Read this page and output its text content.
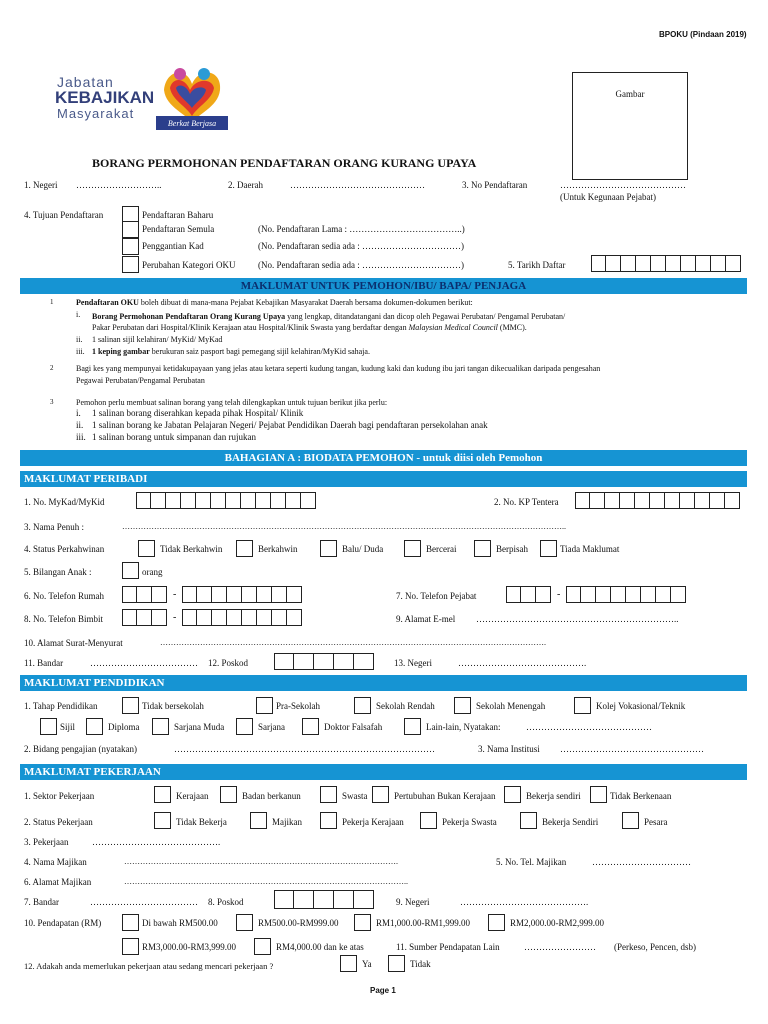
BPOKU (Pindaan 2019)
Jabatan
KEBAJIKAN
Masyarakat
Berkat Berjasa
Gambar
BORANG PERMOHONAN PENDAFTARAN ORANG KURANG UPAYA
1. Negeri ………………………..	2. Daerah	………………………………………	3. No Pendaftaran	……………………………………
(Untuk Kegunaan Pejabat)
4. Tujuan Pendaftaran	Pendaftaran Baharu
Pendaftaran Semula	(No. Pendaftaran Lama : ………………………………..)
Penggantian Kad	(No. Pendaftaran sedia ada : ……………………………)
Perubahan Kategori OKU	(No. Pendaftaran sedia ada : ……………………………)	5. Tarikh Daftar
MAKLUMAT UNTUK PEMOHON/IBU/ BAPA/ PENJAGA
1	Pendaftaran OKU boleh dibuat di mana-mana Pejabat Kebajikan Masyarakat Daerah bersama dokumen-dokumen berikut:
i. Borang Permohonan Pendaftaran Orang Kurang Upaya yang lengkap, ditandatangani dan dicop oleh Pegawai Perubatan/ Pengamal Perubatan/
Pakar Perubatan dari Hospital/Klinik Kerajaan atau Hospital/Klinik Swasta yang berdaftar dengan Malaysian Medical Council (MMC).
ii. 1 salinan sijil kelahiran/ MyKid/ MyKad
iii. 1 keping gambar berukuran saiz pasport bagi pemegang sijil kelahiran/MyKid sahaja.
2	Bagi kes yang mempunyai ketidakupayaan yang jelas atau ketara seperti kudung tangan, kudung kaki dan kudung ibu jari tangan dikecualikan daripada pengesahan
Pegawai Perubatan/Pengamal Perubatan
3	Pemohon perlu membuat salinan borang yang telah dilengkapkan untuk tujuan berikut jika perlu:
i. 1 salinan borang diserahkan kepada pihak Hospital/ Klinik
ii. 1 salinan borang ke Jabatan Pelajaran Negeri/ Pejabat Pendidikan Daerah bagi pendaftaran persekolahan anak
iii. 1 salinan borang untuk simpanan dan rujukan
BAHAGIAN A : BIODATA PEMOHON - untuk diisi oleh Pemohon
MAKLUMAT PERIBADI
1. No. MyKad/MyKid	2. No. KP Tentera
3. Nama Penuh :	…………………………………………………………………………………………………………………………………………………..
4. Status Perkahwinan	Tidak Berkahwin	Berkahwin	Balu/ Duda	Bercerai	Berpisah	Tiada Maklumat
5. Bilangan Anak :	orang
6. No. Telefon Rumah	-	7. No. Telefon Pejabat	-
8. No. Telefon Bimbit	-	9. Alamat E-mel …………………………………………………………..
10. Alamat Surat-Menyurat	……………………………………………………………………………………………………………………………….
11. Bandar	……………………………… 12. Poskod	13. Negeri	…………………………………….
MAKLUMAT PENDIDIKAN
1. Tahap Pendidikan	Tidak bersekolah	Pra-Sekolah	Sekolah Rendah	Sekolah Menengah	Kolej Vokasional/Teknik
Sijil	Diploma	Sarjana Muda	Sarjana	Doktor Falsafah	Lain-lain, Nyatakan:	……………………………………
2. Bidang pengajian (nyatakan)	……………………………………………………………………………	3. Nama Institusi …………………………………………
MAKLUMAT PEKERJAAN
1. Sektor Pekerjaan	Kerajaan	Badan berkanun	Swasta	Pertubuhan Bukan Kerajaan	Bekerja sendiri	Tidak Berkenaan
2. Status Pekerjaan	Tidak Bekerja	Majikan	Pekerja Kerajaan	Pekerja Swasta	Bekerja Sendiri	Pesara
3. Pekerjaan	…………………………………….
4. Nama Majikan	………………………………………………………………………………………….	5. No. Tel. Majikan	……………………………
6. Alamat Majikan	……………………………………………………………………………………………..
7. Bandar	……………………………… 8. Poskod	9. Negeri	…………………………………….
10. Pendapatan (RM)	Di bawah RM500.00	RM500.00-RM999.00	RM1,000.00-RM1,999.00	RM2,000.00-RM2,999.00
RM3,000.00-RM3,999.00	RM4,000.00 dan ke atas	11. Sumber Pendapatan Lain	…………………… (Perkeso, Pencen, dsb)
12. Adakah anda memerlukan pekerjaan atau sedang mencari pekerjaan ?	Ya	Tidak
Page 1
